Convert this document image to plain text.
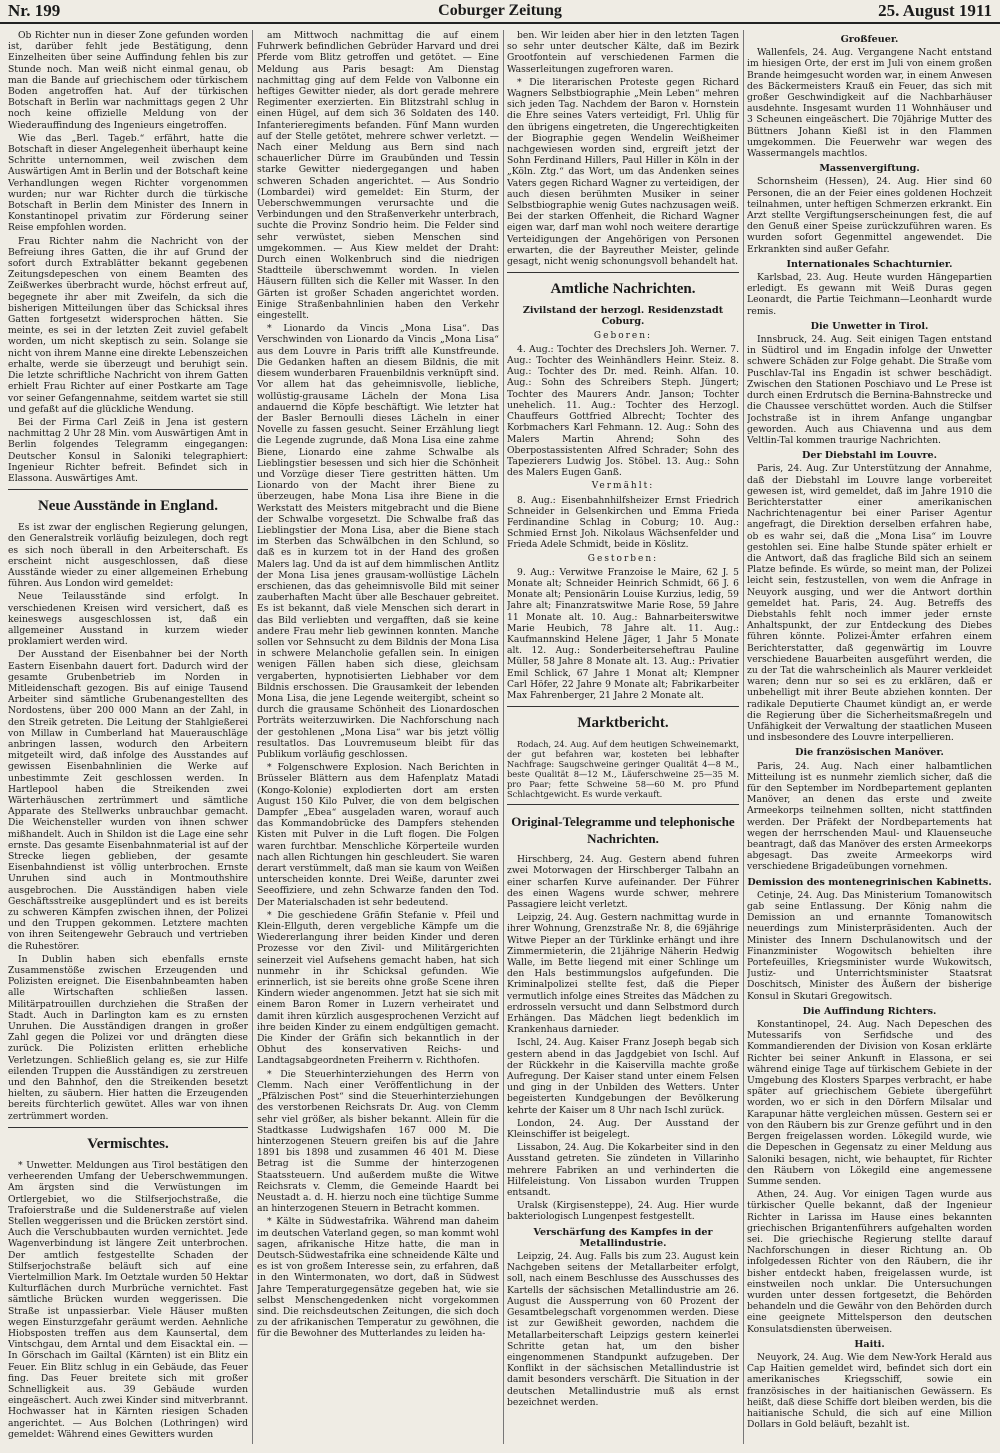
Nr. 199	Coburger Zeitung	25. August 1911

Ob Richter nun in dieser Zone gefunden worden ist, darüber fehlt jede Bestätigung, denn Einzelheiten über seine Auffindung fehlen bis zur Stunde noch. Man weiß nicht einmal genau, ob man die Bande auf griechischem oder türkischem Boden angetroffen hat. Auf der türkischen Botschaft in Berlin war nachmittags gegen 2 Uhr noch keine offizielle Meldung von der Wiederauffindung des Ingenieurs eingetroffen.

Wie das „Berl. Tageb.“ erfährt, hatte die Botschaft in dieser Angelegenheit überhaupt keine Schritte unternommen, weil zwischen dem Auswärtigen Amt in Berlin und der Botschaft keine Verhandlungen wegen Richter vorgenommen wurden; nur war Richter durch die türkische Botschaft in Berlin dem Minister des Innern in Konstantinopel privatim zur Förderung seiner Reise empfohlen worden.

Frau Richter nahm die Nachricht von der Befreiung ihres Gatten, die ihr auf Grund der sofort durch Extrablätter bekannt gegebenen Zeitungsdepeschen von einem Beamten des Zeißwerkes überbracht wurde, höchst erfreut auf, begegnete ihr aber mit Zweifeln, da sich die bisherigen Mitteilungen über das Schicksal ihres Gatten fortgesetzt widersprochen hätten. Sie meinte, es sei in der letzten Zeit zuviel gefabelt worden, um nicht skeptisch zu sein. Solange sie nicht von ihrem Manne eine direkte Lebenszeichen erhalte, werde sie überzeugt und beruhigt sein. Die letzte schriftliche Nachricht von ihrem Gatten erhielt Frau Richter auf einer Postkarte am Tage vor seiner Gefangennahme, seitdem wartet sie still und gefaßt auf die glückliche Wendung.

Bei der Firma Carl Zeiß in Jena ist gestern nachmittag 2 Uhr 28 Min. vom Auswärtigen Amt in Berlin folgendes Telegramm eingegangen: Deutscher Konsul in Saloniki telegraphiert: Ingenieur Richter befreit. Befindet sich in Elassona. Auswärtiges Amt.

Neue Ausstände in England.

Es ist zwar der englischen Regierung gelungen, den Generalstreik vorläufig beizulegen, doch regt es sich noch überall in den Arbeiterschaft. Es erscheint nicht ausgeschlossen, daß diese Ausstände wieder zu einer allgemeinen Erhebung führen. Aus London wird gemeldet:

Neue Teilausstände sind erfolgt. In verschiedenen Kreisen wird versichert, daß es keineswegs ausgeschlossen ist, daß ein allgemeiner Ausstand in kurzem wieder proklamiert werden wird.

Der Ausstand der Eisenbahner bei der North Eastern Eisenbahn dauert fort. Dadurch wird der gesamte Grubenbetrieb im Norden in Mitleidenschaft gezogen. Bis auf einige Tausend Arbeiter sind sämtliche Grubenangestellten des Nordostens, über 200 000 Mann an der Zahl, in den Streik getreten. Die Leitung der Stahlgießerei von Millaw in Cumberland hat Mauerauschläge anbringen lassen, wodurch den Arbeitern mitgeteilt wird, daß infolge des Ausstandes auf gewissen Eisenbahnlinien die Werke auf unbestimmte Zeit geschlossen werden. In Hartlepool haben die Streikenden zwei Wärterhäuschen zertrümmert und sämtliche Apparate des Stellwerks unbrauchbar gemacht. Die Weichensteller wurden von ihnen schwer mißhandelt. Auch in Shildon ist die Lage eine sehr ernste. Das gesamte Eisenbahnmaterial ist auf der Strecke liegen geblieben, der gesamte Eisenbahndienst ist völlig unterbrochen. Ernste Unruhen sind auch in Montmouthshire ausgebrochen. Die Ausständigen haben viele Geschäftsstreike ausgeplündert und es ist bereits zu schweren Kämpfen zwischen ihnen, der Polizei und den Truppen gekommen. Letztere machten von ihren Seitengewehr Gebrauch und vertrieben die Ruhestörer.

In Dublin haben sich ebenfalls ernste Zusammenstöße zwischen Erzeugenden und Polizisten ereignet. Die Eisenbahnbeamten haben alle Wirtschaften schließen lassen. Militärpatrouillen durchziehen die Straßen der Stadt. Auch in Darlington kam es zu ernsten Unruhen. Die Ausständigen drangen in großer Zahl gegen die Polizei vor und drängten diese zurück. Die Polizisten erlitten erhebliche Verletzungen. Schließlich gelang es, sie zur Hilfe eilenden Truppen die Ausständigen zu zerstreuen und den Bahnhof, den die Streikenden besetzt hielten, zu säubern. Hier hatten die Erzeugenden bereits fürchterlich gewütet. Alles war von ihnen zertrümmert worden.

Vermischtes.

* Unwetter. Meldungen aus Tirol bestätigen den verheerenden Umfang der Ueberschwemmungen. Am ärgsten sind die Verwüstungen im Ortlergebiet, wo die Stilfserjochstraße, die Trafoierstraße und die Suldenerstraße auf vielen Stellen weggerissen und die Brücken zerstört sind. Auch die Verschubbauten wurden vernichtet. Jede Wagenverbindung ist längere Zeit unterbrochen. Der amtlich festgestellte Schaden der Stilfserjochstraße beläuft sich auf eine Viertelmillion Mark. Im Oetztale wurden 50 Hektar Kulturflächen durch Murbrüche vernichtet. Fast sämtliche Brücken wurden weggerissen. Die Straße ist unpassierbar. Viele Häuser mußten wegen Einsturzgefahr geräumt werden. Aehnliche Hiobsposten treffen aus dem Kaunsertal, dem Vintschgau, dem Arntal und dem Eisacktal ein. — In Görschach im Gailtal (Kärnten) ist ein Blitz ein Feuer. Ein Blitz schlug in ein Gebäude, das Feuer fing. Das Feuer breitete sich mit großer Schnelligkeit aus. 39 Gebäude wurden eingeäschert. Auch zwei Kinder sind mitverbrannt. Hochwasser hat in Kärnten riesigen Schaden angerichtet. — Aus Bolchen (Lothringen) wird gemeldet: Während eines Gewitters wurden

am Mittwoch nachmittag die auf einem Fuhrwerk befindlichen Gebrüder Harvard und drei Pferde vom Blitz getroffen und getötet. — Eine Meldung aus Paris besagt: Am Dienstag nachmittag ging auf dem Felde von Valbonne ein heftiges Gewitter nieder, als dort gerade mehrere Regimenter exerzierten. Ein Blitzstrahl schlug in einen Hügel, auf dem sich 36 Soldaten des 140. Infanterieregiments befanden. Fünf Mann wurden auf der Stelle getötet, mehrere schwer verletzt. — Nach einer Meldung aus Bern sind nach schauerlicher Dürre im Graubünden und Tessin starke Gewitter niedergegangen und haben schweren Schaden angerichtet. — Aus Sondrio (Lombardei) wird gemeldet: Ein Sturm, der Ueberschwemmungen verursachte und die Verbindungen und den Straßenverkehr unterbrach, suchte die Provinz Sondrio heim. Die Felder sind sehr verwüstet, sieben Menschen sind umgekommen. — Aus Kiew meldet der Draht: Durch einen Wolkenbruch sind die niedrigen Stadtteile überschwemmt worden. In vielen Häusern füllten sich die Keller mit Wasser. In den Gärten ist großer Schaden angerichtet worden. Einige Straßenbahnlinien haben den Verkehr eingestellt.

* Lionardo da Vincis „Mona Lisa“. Das Verschwinden von Lionardo da Vincis „Mona Lisa“ aus dem Louvre in Paris trifft alle Kunstfreunde. Die Gedanken haften an diesem Bildnis, die mit diesem wunderbaren Frauenbildnis verknüpft sind. Vor allem hat das geheimnisvolle, liebliche, wollüstig-grausame Lächeln der Mona Lisa andauernd die Köpfe beschäftigt. Wie letzter hat der Basler Bernoulli dieses Lächeln in einer Novelle zu fassen gesucht. Seiner Erzählung liegt die Legende zugrunde, daß Mona Lisa eine zahme Biene, Lionardo eine zahme Schwalbe als Lieblingstier besessen und sich hier die Schönheit und Vorzüge dieser Tiere gestritten hätten. Um Lionardo von der Macht ihrer Biene zu überzeugen, habe Mona Lisa ihre Biene in die Werkstatt des Meisters mitgebracht und die Biene der Schwalbe vorgesetzt. Die Schwalbe fraß das Lieblingstier der Mona Lisa, aber die Biene stach im Sterben das Schwälbchen in den Schlund, so daß es in kurzem tot in der Hand des großen Malers lag. Und da ist auf dem himmlischen Antlitz der Mona Lisa jenes grausam-wollüstige Lächeln erschienen, das das geheimnisvolle Bild mit seiner zauberhaften Macht über alle Beschauer gebreitet. Es ist bekannt, daß viele Menschen sich derart in das Bild verliebten und vergafften, daß sie keine andere Frau mehr lieb gewinnen konnten. Manche sollen vor Sehnsucht zu dem Bildnis der Mona Lisa in schwere Melancholie gefallen sein. In einigen wenigen Fällen haben sich diese, gleichsam vergaberten, hypnotisierten Liebhaber vor dem Bildnis erschossen. Die Grausamkeit der lebenden Mona Lisa, die jene Legende weitergibt, scheint so durch die grausame Schönheit des Lionardoschen Porträts weiterzuwirken. Die Nachforschung nach der gestohlenen „Mona Lisa“ war bis jetzt völlig resultatlos. Das Louvremuseum bleibt für das Publikum vorläufig geschlossen.

* Folgenschwere Explosion. Nach Berichten in Brüsseler Blättern aus dem Hafenplatz Matadi (Kongo-Kolonie) explodierten dort am ersten August 150 Kilo Pulver, die von dem belgischen Dampfer „Ebea“ ausgeladen waren, worauf auch das Kommandobrücke des Dampfers stehenden Kisten mit Pulver in die Luft flogen. Die Folgen waren furchtbar. Menschliche Körperteile wurden nach allen Richtungen hin geschleudert. Sie waren derart verstümmelt, daß man sie kaum von Weißen unterscheiden konnte. Drei Weiße, darunter zwei Seeoffiziere, und zehn Schwarze fanden den Tod. Der Materialschaden ist sehr bedeutend.

* Die geschiedene Gräfin Stefanie v. Pfeil und Klein-Ellguth, deren vergebliche Kämpfe um die Wiedererlangung ihrer beiden Kinder und deren Prozesse vor den Zivil- und Militärgerichten seinerzeit viel Aufsehens gemacht haben, hat sich nunmehr in ihr Schicksal gefunden. Wie erinnerlich, ist sie bereits ohne große Scene ihren Kindern wieder angenommen. Jetzt hat sie sich mit einem Baron Romer in Luzern verheiratet und damit ihren kürzlich ausgesprochenen Verzicht auf ihre beiden Kinder zu einem endgültigen gemacht. Die Kinder der Gräfin sich bekanntlich in der Obhut des konservativen Reichs- und Landtagsabgeordneten Freiherrn v. Richthofen.

* Die Steuerhinterziehungen des Herrn von Clemm. Nach einer Veröffentlichung in der „Pfälzischen Post“ sind die Steuerhinterziehungen des verstorbenen Reichsrats Dr. Aug. von Clemm sehr viel größer, als bisher bekannt. Allein für die Stadtkasse Ludwigshafen 167 000 M. Die hinterzogenen Steuern greifen bis auf die Jahre 1891 bis 1898 und zusammen 46 401 M. Diese Betrag ist die Summe der hinterzogenen Staatssteuern. Und außerdem mußte die Witwe Reichsrats v. Clemm, die Gemeinde Haardt bei Neustadt a. d. H. hierzu noch eine tüchtige Summe an hinterzogenen Steuern in Betracht kommen.

* Kälte in Südwestafrika. Während man daheim im deutschen Vaterland gegen, so man kommt wohl sagen, afrikanische Hitze hatte, die man in Deutsch-Südwestafrika eine schneidende Kälte und es ist von großem Interesse sein, zu erfahren, daß in den Wintermonaten, wo dort, daß in Südwest Jahre Temperaturgegensätze gegeben hat, wie sie selbst Menschengedenken nicht vorgekommen sind. Die reichsdeutschen Zeitungen, die sich doch zu der afrikanischen Temperatur zu gewöhnen, die für die Bewohner des Mutterlandes zu leiden ha-

ben. Wir leiden aber hier in den letzten Tagen so sehr unter deutscher Kälte, daß im Bezirk Grootfontein auf verschiedenen Farmen die Wasserleitungen zugefroren waren.

* Die literarischen Proteste gegen Richard Wagners Selbstbiographie „Mein Leben“ mehren sich jeden Tag. Nachdem der Baron v. Hornstein die Ehre seines Vaters verteidigt, Frl. Uhlig für den übrigens eingetreten, die Ungerechtigkeiten der Biographie gegen Wendelin Weißheimer nachgewiesen worden sind, ergreift jetzt der Sohn Ferdinand Hillers, Paul Hiller in Köln in der „Köln. Ztg.“ das Wort, um das Andenken seines Vaters gegen Richard Wagner zu verteidigen, der auch diesen berühmten Musiker in seiner Selbstbiographie wenig Gutes nachzusagen weiß. Bei der starken Offenheit, die Richard Wagner eigen war, darf man wohl noch weitere derartige Verteidigungen der Angehörigen von Personen erwarten, die der Bayreuther Meister, gelinde gesagt, nicht wenig schonungsvoll behandelt hat.

Amtliche Nachrichten.
Zivilstand der herzogl. Residenzstadt Coburg.
Geboren:

4. Aug.: Tochter des Drechslers Joh. Werner. 7. Aug.: Tochter des Weinhändlers Heinr. Steiz. 8. Aug.: Tochter des Dr. med. Reinh. Alfan. 10. Aug.: Sohn des Schreibers Steph. Jüngert; Tochter des Maurers Andr. Janson; Tochter unehelich. 11. Aug.: Tochter des Herzogl. Chauffeurs Gottfried Albrecht; Tochter des Korbmachers Karl Fehmann. 12. Aug.: Sohn des Malers Martin Ahrend; Sohn des Oberpostassistenten Alfred Schrader; Sohn des Tapezierers Ludwig Jos. Stöbel. 13. Aug.: Sohn des Malers Eugen Ganß.

Vermählt:

8. Aug.: Eisenbahnhilfsheizer Ernst Friedrich Schneider in Gelsenkirchen und Emma Frieda Ferdinandine Schlag in Coburg; 10. Aug.: Schmied Ernst Joh. Nikolaus Wächsenfelder und Frieda Adele Schmidt, beide in Köslitz.

Gestorben:

9. Aug.: Verwitwe Franzoise le Maire, 62 J. 5 Monate alt; Schneider Heinrich Schmidt, 66 J. 6 Monate alt; Pensionärin Louise Kurzius, ledig, 59 Jahre alt; Finanzratswitwe Marie Rose, 59 Jahre 11 Monate alt. 10. Aug.: Bahnarbeiterswitwe Marie Heubich, 78 Jahre alt. 11. Aug.: Kaufmannskind Helene Jäger, 1 Jahr 5 Monate alt. 12. Aug.: Sonderbeiterseheftrau Pauline Müller, 58 Jahre 8 Monate alt. 13. Aug.: Privatier Emil Schlick, 67 Jahre 1 Monat alt; Klempner Carl Höfer, 22 Jahre 9 Monate alt; Fabrikarbeiter Max Fahrenberger, 21 Jahre 2 Monate alt.

Marktbericht.

Rodach, 24. Aug. Auf dem heutigen Schweinemarkt, der gut befahren war, kosteten bei lebhafter Nachfrage: Saugschweine geringer Qualität 4—8 M., beste Qualität 8—12 M., Läuferschweine 25—35 M. pro Paar; fette Schweine 58—60 M. pro Pfund Schlachtgewicht. Es wurde verkauft.

Original-Telegramme und telephonische Nachrichten.

Hirschberg, 24. Aug. Gestern abend fuhren zwei Motorwagen der Hirschberger Talbahn an einer scharfen Kurve aufeinander. Der Führer des einen Wagens wurde schwer, mehrere Passagiere leicht verletzt.

Leipzig, 24. Aug. Gestern nachmittag wurde in ihrer Wohnung, Grenzstraße Nr. 8, die 69jährige Witwe Pieper an der Türklinke erhängt und ihre Zimmermieterin, die 21jährige Näherin Hedwig Walle, im Bette liegend mit einer Schlinge um den Hals bestimmungslos aufgefunden. Die Kriminalpolizei stellte fest, daß die Pieper vermutlich infolge eines Streites das Mädchen zu erdrosseln versucht und dann Selbstmord durch Erhängen. Das Mädchen liegt bedenklich im Krankenhaus darnieder.

Ischl, 24. Aug. Kaiser Franz Joseph begab sich gestern abend in das Jagdgebiet von Ischl. Auf der Rückkehr in die Kaiservilla machte große Aufregung. Der Kaiser stand unter einem Felsen und ging in der Unbilden des Wetters. Unter begeisterten Kundgebungen der Bevölkerung kehrte der Kaiser um 8 Uhr nach Ischl zurück.

London, 24. Aug. Der Ausstand der Kleinschiffer ist beigelegt.

Lissabon, 24. Aug. Die Kokarbeiter sind in den Ausstand getreten. Sie zündeten in Villarinho mehrere Fabriken an und verhinderten die Hilfeleistung. Von Lissabon wurden Truppen entsandt.

Uralsk (Kirgisensteppe), 24. Aug. Hier wurde bakteriologisch Lungenpest festgestellt.

Verschärfung des Kampfes in der Metallindustrie.

Leipzig, 24. Aug. Falls bis zum 23. August kein Nachgeben seitens der Metallarbeiter erfolgt, soll, nach einem Beschlusse des Ausschusses des Kartells der sächsischen Metallindustrie am 26. August die Aussperrung von 60 Prozent der Gesamtbelegschaft vorgenommen werden. Diese ist zur Gewißheit geworden, nachdem die Metallarbeiterschaft Leipzigs gestern keinerlei Schritte getan hat, um den bisher eingenommenen Standpunkt aufzugeben. Der Konflikt in der sächsischen Metallindustrie ist damit besonders verschärft. Die Situation in der deutschen Metallindustrie muß als ernst bezeichnet werden.

Großfeuer.

Wallenfels, 24. Aug. Vergangene Nacht entstand im hiesigen Orte, der erst im Juli von einem großen Brande heimgesucht worden war, in einem Anwesen des Bäckermeisters Krauß ein Feuer, das sich mit großer Geschwindigkeit auf die Nachbarhäuser ausdehnte. Insgesamt wurden 11 Wohnhäuser und 3 Scheunen eingeäschert. Die 70jährige Mutter des Büttners Johann Kießl ist in den Flammen umgekommen. Die Feuerwehr war wegen des Wassermangels machtlos.

Massenvergiftung.

Schornsheim (Hessen), 24. Aug. Hier sind 60 Personen, die an der Feier eines goldenen Hochzeit teilnahmen, unter heftigen Schmerzen erkrankt. Ein Arzt stellte Vergiftungserscheinungen fest, die auf den Genuß einer Speise zurückzuführen waren. Es wurden sofort Gegenmittel angewendet. Die Erkrankten sind außer Gefahr.

Internationales Schachturnier.

Karlsbad, 23. Aug. Heute wurden Hängepartien erledigt. Es gewann mit Weiß Duras gegen Leonardt, die Partie Teichmann—Leonhardt wurde remis.

Die Unwetter in Tirol.

Innsbruck, 24. Aug. Seit einigen Tagen entstand in Südtirol und im Engadin infolge der Unwetter schwere Schäden zur Folge gehabt. Die Straße vom Puschlav-Tal ins Engadin ist schwer beschädigt. Zwischen den Stationen Poschiavo und Le Prese ist durch einen Erdrutsch die Bernina-Bahnstrecke und die Chaussee verschüttet worden. Auch die Stilfser Jochstraße ist in ihrem Anfange ungangbar geworden. Auch aus Chiavenna und aus dem Veltlin-Tal kommen traurige Nachrichten.

Der Diebstahl im Louvre.

Paris, 24. Aug. Zur Unterstützung der Annahme, daß der Diebstahl im Louvre lange vorbereitet gewesen ist, wird gemeldet, daß im Jahre 1910 die Berichterstatter einer amerikanischen Nachrichtenagentur bei einer Pariser Agentur angefragt, die Direktion derselben erfahren habe, ob es wahr sei, daß die „Mona Lisa“ im Louvre gestohlen sei. Eine halbe Stunde später erhielt er die Antwort, daß das fragliche Bild sich an seinem Platze befinde. Es würde, so meint man, der Polizei leicht sein, festzustellen, von wem die Anfrage in Neuyork ausging, und wer die Antwort dorthin gemeldet hat. Paris, 24. Aug. Betreffs des Diebstahls fehlt noch immer jeder ernste Anhaltspunkt, der zur Entdeckung des Diebes führen könnte. Polizei-Ämter erfahren einem Berichterstatter, daß gegenwärtig im Louvre verschiedene Bauarbeiten ausgeführt werden, die zu der Tat die wahrscheinlich als Maurer verkleidet waren; denn nur so sei es zu erklären, daß er unbehelligt mit ihrer Beute abziehen konnten. Der radikale Deputierte Chaumet kündigt an, er werde die Regierung über die Sicherheitsmaßregeln und Unfähigkeit der Verwaltung der staatlichen Museen und insbesondere des Louvre interpellieren.

Die französischen Manöver.

Paris, 24. Aug. Nach einer halbamtlichen Mitteilung ist es nunmehr ziemlich sicher, daß die für den September im Nordbepartement geplanten Manöver, an denen das erste und zweite Armeekorps teilnehmen sollten, nicht stattfinden werden. Der Präfekt der Nordbepartements hat wegen der herrschenden Maul- und Klauenseuche beantragt, daß das Manöver des ersten Armeekorps abgesagt. Das zweite Armeekorps wird verschiedene Brigadeübungen vornehmen.

Demission des montenegrinischen Kabinetts.

Cetinje, 24. Aug. Das Ministerium Tomanowitsch gab seine Entlassung. Der König nahm die Demission an und ernannte Tomanowitsch neuerdings zum Ministerpräsidenten. Auch der Minister des Innern Dschulanowitsch und der Finanzminister Wogowitsch behielten ihre Portefeuilles, Kriegsminister wurde Wukowitsch, Justiz- und Unterrichtsminister Staatsrat Doschitsch, Minister des Äußern der bisherige Konsul in Skutari Gregowitsch.

Die Auffindung Richters.

Konstantinopel, 24. Aug. Nach Depeschen des Mutessarifs von Serfidsche und des Kommandierenden der Division von Kosan erklärte Richter bei seiner Ankunft in Elassona, er sei während einige Tage auf türkischem Gebiete in der Umgebung des Klosters Sparpes verbracht, er habe später auf griechischem Gebiete übergeführt worden, wo er sich in den Dörfern Milsalar und Karapunar hätte vergleichen müssen. Gestern sei er von den Räubern bis zur Grenze geführt und in den Bergen freigelassen worden. Lökegild wurde, wie die Depeschen in Gegensatz zu einer Meldung aus Saloniki besagen, nicht, wie behauptet, für Richter den Räubern von Lökegild eine angemessene Summe senden.

Athen, 24. Aug. Vor einigen Tagen wurde aus türkischer Quelle bekannt, daß der Ingenieur Richter in Larissa im Hause eines bekannten griechischen Brigantenführers aufgehalten worden sei. Die griechische Regierung stellte darauf Nachforschungen in dieser Richtung an. Ob infolgedessen Richter von den Räubern, die ihr bisher entdeckt haben, freigelassen wurde, ist einstweilen noch unklar. Die Untersuchungen wurden unter dessen fortgesetzt, die Behörden behandeln und die Gewähr von den Behörden durch eine geeignete Mittelsperson den deutschen Konsulatsdiensten überweisen.

Haiti.

Neuyork, 24. Aug. Wie dem New-York Herald aus Cap Haitien gemeldet wird, befindet sich dort ein amerikanisches Kriegsschiff, sowie ein französisches in der haitianischen Gewässern. Es heißt, daß diese Schiffe dort bleiben werden, bis die haitianische Schuld, die sich auf eine Million Dollars in Gold beläuft, bezahlt ist.
